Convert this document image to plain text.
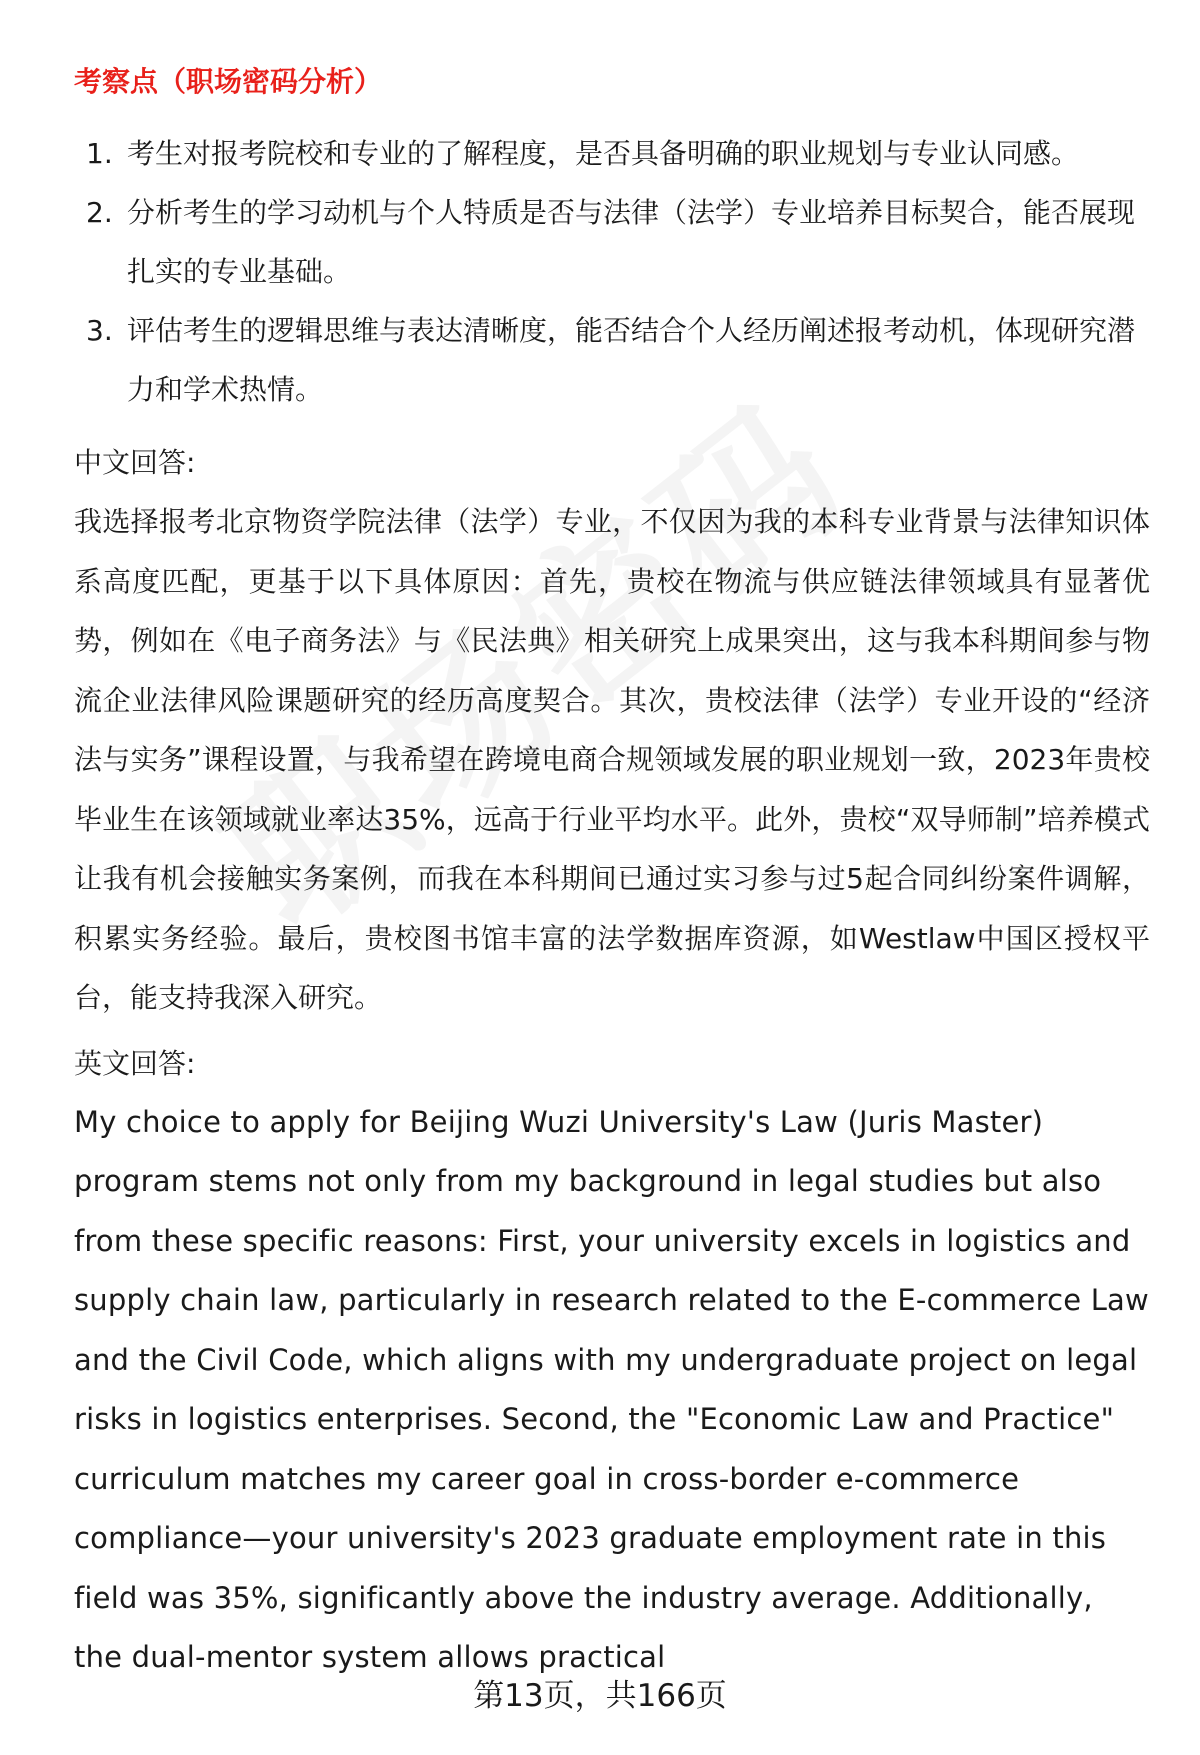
考察点（职场密码分析）
1. 考生对报考院校和专业的了解程度，是否具备明确的职业规划与专业认同感。
2. 分析考生的学习动机与个人特质是否与法律（法学）专业培养目标契合，能否展现扎实的专业基础。
3. 评估考生的逻辑思维与表达清晰度，能否结合个人经历阐述报考动机，体现研究潜力和学术热情。
中文回答:
我选择报考北京物资学院法律（法学）专业，不仅因为我的本科专业背景与法律知识体系高度匹配，更基于以下具体原因：首先，贵校在物流与供应链法律领域具有显著优势，例如在《电子商务法》与《民法典》相关研究上成果突出，这与我本科期间参与物流企业法律风险课题研究的经历高度契合。其次，贵校法律（法学）专业开设的“经济法与实务”课程设置，与我希望在跨境电商合规领域发展的职业规划一致，2023年贵校毕业生在该领域就业率达35%，远高于行业平均水平。此外，贵校“双导师制”培养模式让我有机会接触实务案例，而我在本科期间已通过实习参与过5起合同纠纷案件调解，积累实务经验。最后，贵校图书馆丰富的法学数据库资源，如Westlaw中国区授权平台，能支持我深入研究。
英文回答:
My choice to apply for Beijing Wuzi University's Law (Juris Master) program stems not only from my background in legal studies but also from these specific reasons: First, your university excels in logistics and supply chain law, particularly in research related to the E-commerce Law and the Civil Code, which aligns with my undergraduate project on legal risks in logistics enterprises. Second, the "Economic Law and Practice" curriculum matches my career goal in cross-border e-commerce compliance—your university's 2023 graduate employment rate in this field was 35%, significantly above the industry average. Additionally, the dual-mentor system allows practical
第13页，共166页
